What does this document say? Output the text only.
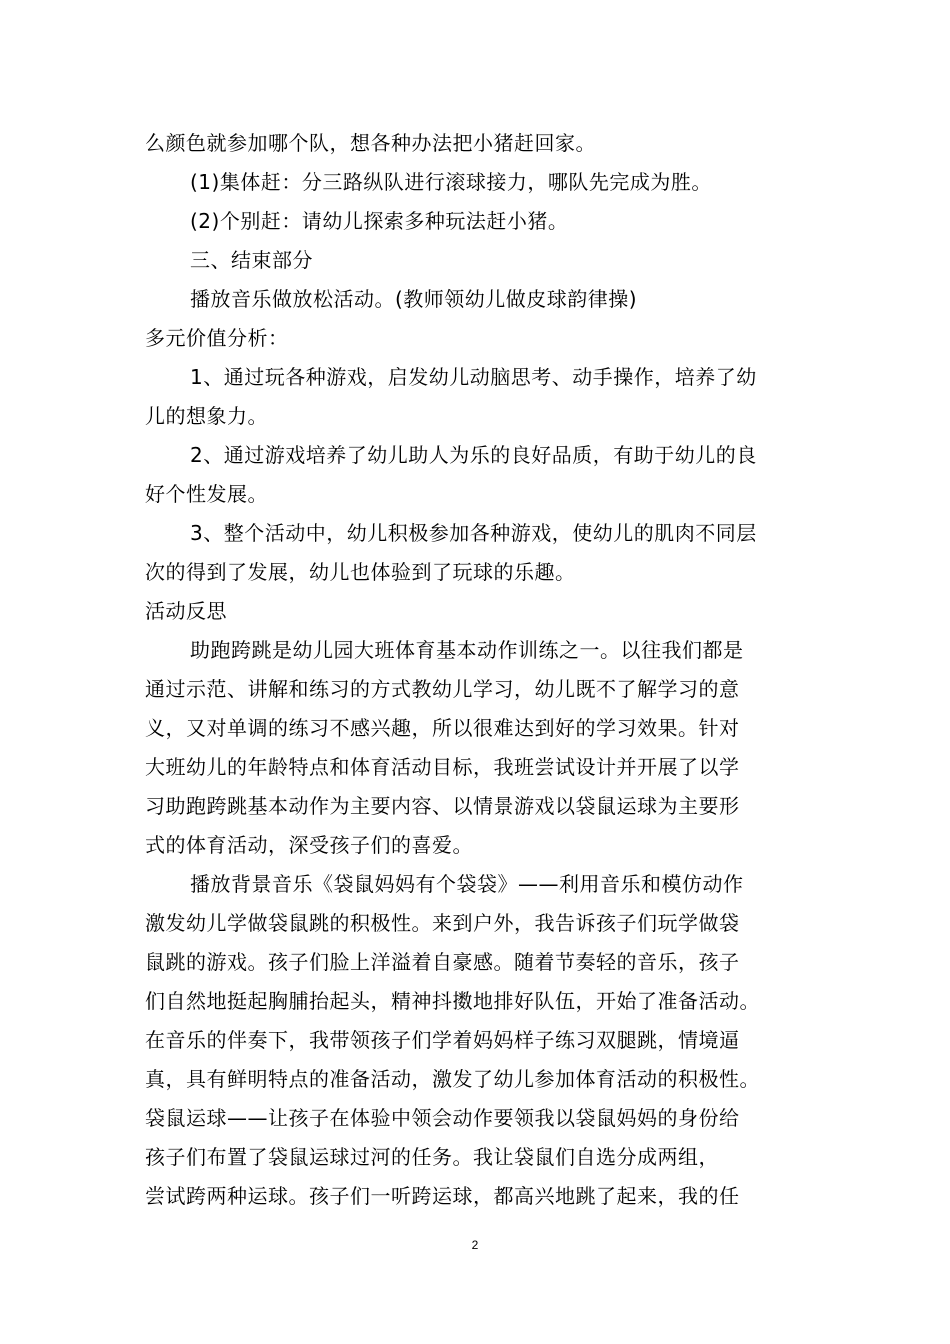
么颜色就参加哪个队，想各种办法把小猪赶回家。
(1)集体赶：分三路纵队进行滚球接力，哪队先完成为胜。
(2)个别赶：请幼儿探索多种玩法赶小猪。
三、结束部分
播放音乐做放松活动。(教师领幼儿做皮球韵律操)
多元价值分析：
1、通过玩各种游戏，启发幼儿动脑思考、动手操作，培养了幼
儿的想象力。
2、通过游戏培养了幼儿助人为乐的良好品质，有助于幼儿的良
好个性发展。
3、整个活动中，幼儿积极参加各种游戏，使幼儿的肌肉不同层
次的得到了发展，幼儿也体验到了玩球的乐趣。
活动反思
助跑跨跳是幼儿园大班体育基本动作训练之一。以往我们都是
通过示范、讲解和练习的方式教幼儿学习，幼儿既不了解学习的意
义，又对单调的练习不感兴趣，所以很难达到好的学习效果。针对
大班幼儿的年龄特点和体育活动目标，我班尝试设计并开展了以学
习助跑跨跳基本动作为主要内容、以情景游戏以袋鼠运球为主要形
式的体育活动，深受孩子们的喜爱。
播放背景音乐《袋鼠妈妈有个袋袋》——利用音乐和模仿动作
激发幼儿学做袋鼠跳的积极性。来到户外，我告诉孩子们玩学做袋
鼠跳的游戏。孩子们脸上洋溢着自豪感。随着节奏轻的音乐，孩子
们自然地挺起胸脯抬起头，精神抖擞地排好队伍，开始了准备活动。
在音乐的伴奏下，我带领孩子们学着妈妈样子练习双腿跳，情境逼
真，具有鲜明特点的准备活动，激发了幼儿参加体育活动的积极性。
袋鼠运球——让孩子在体验中领会动作要领我以袋鼠妈妈的身份给
孩子们布置了袋鼠运球过河的任务。我让袋鼠们自选分成两组，
尝试跨两种运球。孩子们一听跨运球，都高兴地跳了起来，我的任
2
